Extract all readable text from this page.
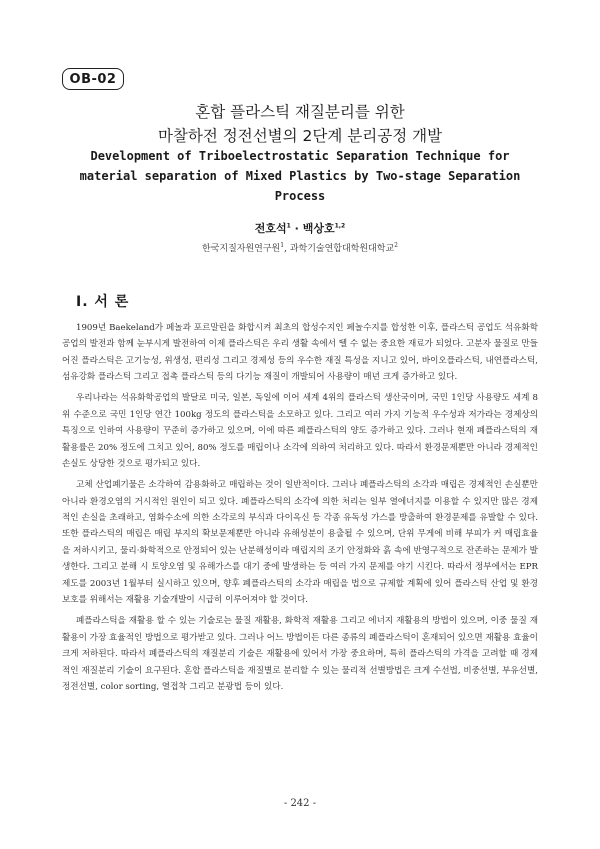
OB-02
혼합 플라스틱 재질분리를 위한
마찰하전 정전선별의 2단계 분리공정 개발
Development of Triboelectrostatic Separation Technique for material separation of Mixed Plastics by Two-stage Separation Process
전호석$^1$ · 백상호$^{1,2}$
한국지질자원연구원$^1$, 과학기술연합대학원대학교$^2$
I. 서 론

1909년 Baekeland가 페놀과 포르말린을 화합시켜 최초의 합성수지인 페놀수지를 합성한 이후, 플라스틱 공업도 석유화학공업의 발전과 함께 눈부시게 발전하여 이제 플라스틱은 우리 생활 속에서 뗄 수 없는 중요한 재료가 되었다. 고분자 물질로 만들어진 플라스틱은 고기능성, 위생성, 편리성 그리고 경제성 등의 우수한 재질 특성을 지니고 있어, 바이오플라스틱, 내연플라스틱, 섬유강화 플라스틱 그리고 접촉 플라스틱 등의 다기능 재질이 개발되어 사용량이 매년 크게 증가하고 있다.

우리나라는 석유화학공업의 발달로 미국, 일본, 독일에 이어 세계 4위의 플라스틱 생산국이며, 국민 1인당 사용량도 세계 8위 수준으로 국민 1인당 연간 100kg 정도의 플라스틱을 소모하고 있다. 그리고 여러 가지 기능적 우수성과 저가라는 경제상의 특징으로 인하여 사용량이 꾸준히 증가하고 있으며, 이에 따른 폐플라스틱의 양도 증가하고 있다. 그러나 현재 폐플라스틱의 재활용률은 20% 정도에 그치고 있어, 80% 정도를 매립이나 소각에 의하여 처리하고 있다. 따라서 환경문제뿐만 아니라 경제적인 손실도 상당한 것으로 평가되고 있다.

고체 산업폐기물은 소각하여 감용화하고 매립하는 것이 일반적이다. 그러나 폐플라스틱의 소각과 매립은 경제적인 손실뿐만 아니라 환경오염의 거시적인 원인이 되고 있다. 폐플라스틱의 소각에 의한 처리는 일부 열에너지를 이용할 수 있지만 많은 경제적인 손실을 초래하고, 염화수소에 의한 소각로의 부식과 다이옥신 등 각종 유독성 가스를 방출하여 환경문제를 유발할 수 있다. 또한 플라스틱의 매립은 매립 부지의 확보문제뿐만 아니라 유해성분이 용출될 수 있으며, 단위 무게에 비해 부피가 커 매립효율을 저하시키고, 물리·화학적으로 안정되어 있는 난분해성이라 매립지의 조기 안정화와 흙 속에 반영구적으로 잔존하는 문제가 발생한다. 그리고 분해 시 토양오염 및 유해가스를 대기 중에 발생하는 등 여러 가지 문제를 야기 시킨다. 따라서 정부에서는 EPR 제도를 2003년 1월부터 실시하고 있으며, 향후 폐플라스틱의 소각과 매립을 법으로 규제할 계획에 있어 플라스틱 산업 및 환경보호를 위해서는 재활용 기술개발이 시급히 이루어져야 할 것이다.

폐플라스틱을 재활용 할 수 있는 기술로는 물질 재활용, 화학적 재활용 그리고 에너지 재활용의 방법이 있으며, 이중 물질 재활용이 가장 효율적인 방법으로 평가받고 있다. 그러나 어느 방법이든 다른 종류의 폐플라스틱이 혼재되어 있으면 재활용 효율이 크게 저하된다. 따라서 폐플라스틱의 재질분리 기술은 재활용에 있어서 가장 중요하며, 특히 플라스틱의 가격을 고려할 때 경제적인 재질분리 기술이 요구된다. 혼합 플라스틱을 재질별로 분리할 수 있는 물리적 선별방법은 크게 수선법, 비중선별, 부유선별, 정전선별, color sorting, 열접착 그리고 분광법 등이 있다.

- 242 -
